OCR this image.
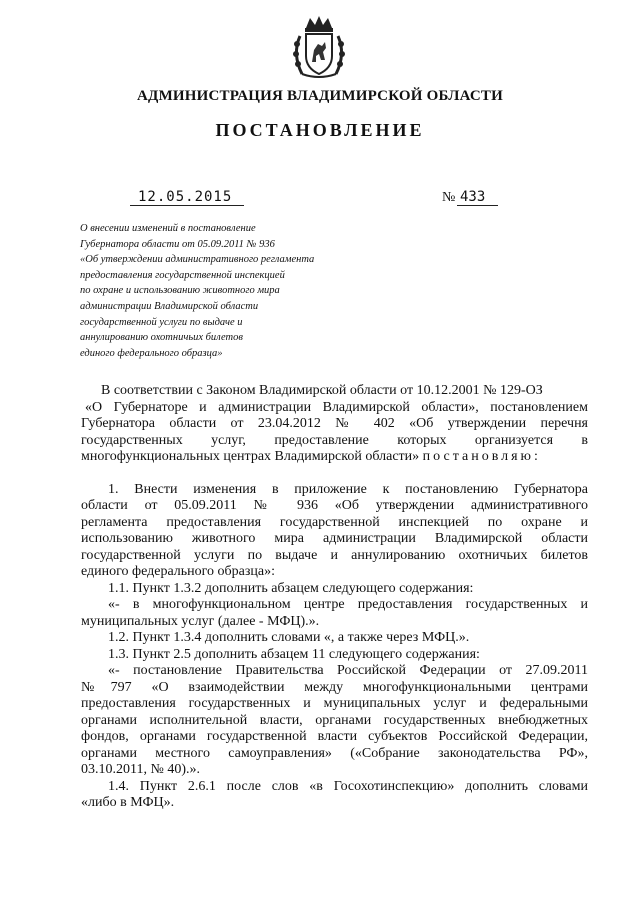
АДМИНИСТРАЦИЯ ВЛАДИМИРСКОЙ ОБЛАСТИ
ПОСТАНОВЛЕНИЕ
12.05.2015	№ 433
О внесении изменений в постановление
Губернатора области от 05.09.2011 № 936
«Об утверждении административного регламента
предоставления государственной инспекцией
по охране и использованию животного мира
администрации Владимирской области
государственной услуги по выдаче и
аннулированию охотничьих билетов
единого федерального образца»
В соответствии с Законом Владимирской области от 10.12.2001 № 129-ОЗ
«О Губернаторе и администрации Владимирской области», постановлением
Губернатора области от 23.04.2012 № 402 «Об утверждении перечня
государственных услуг, предоставление которых организуется в
многофункциональных центрах Владимирской области» постановляю:
1. Внести изменения в приложение к постановлению Губернатора
области от 05.09.2011 № 936 «Об утверждении административного
регламента предоставления государственной инспекцией по охране и
использованию животного мира администрации Владимирской области
государственной услуги по выдаче и аннулированию охотничьих билетов
единого федерального образца»:
1.1. Пункт 1.3.2 дополнить абзацем следующего содержания:
«- в многофункциональном центре предоставления государственных и
муниципальных услуг (далее - МФЦ).».
1.2. Пункт 1.3.4 дополнить словами «, а также через МФЦ.».
1.3. Пункт 2.5 дополнить абзацем 11 следующего содержания:
«- постановление Правительства Российской Федерации от 27.09.2011
№797 «О взаимодействии между многофункциональными центрами
предоставления государственных и муниципальных услуг и федеральными
органами исполнительной власти, органами государственных внебюджетных
фондов, органами государственной власти субъектов Российской Федерации,
органами местного самоуправления» («Собрание законодательства РФ»,
03.10.2011, № 40).».
1.4. Пункт 2.6.1 после слов «в Госохотинспекцию» дополнить словами
«либо в МФЦ».
